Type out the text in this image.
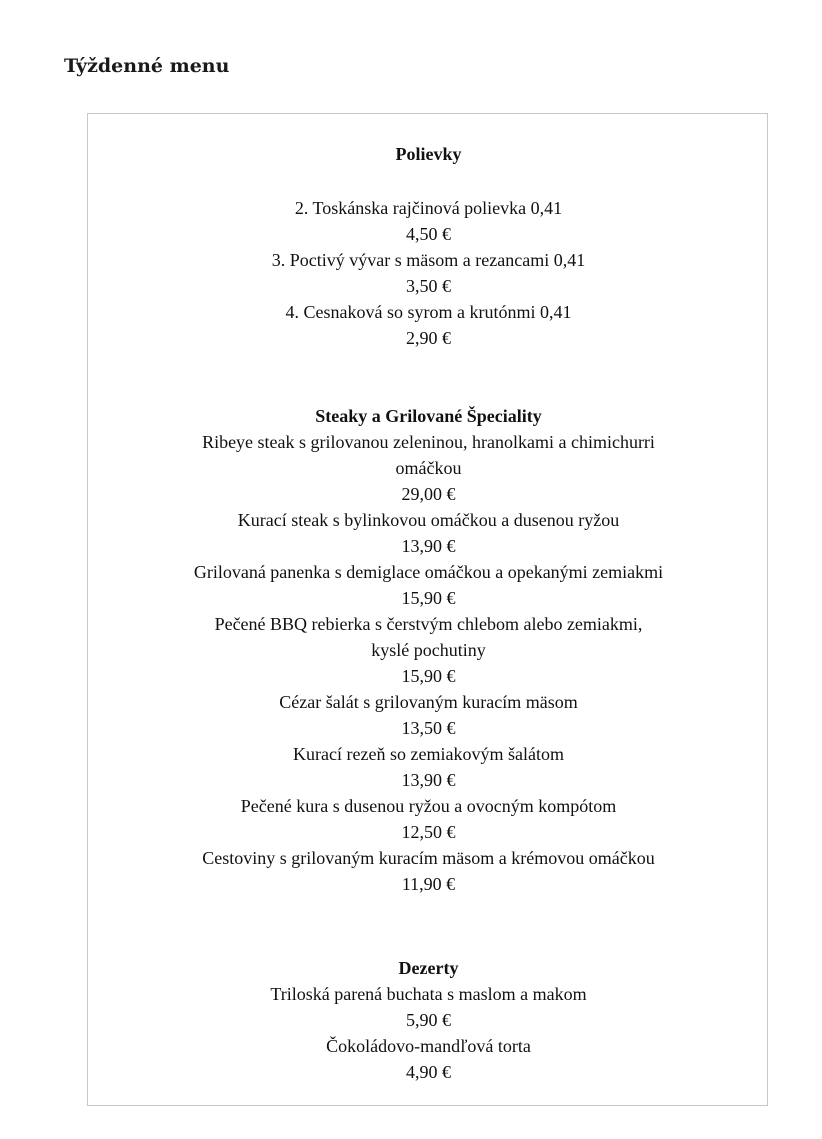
Týždenné menu

Polievky

2. Toskánska rajčinová polievka 0,41

4,50 €

3. Poctivý vývar s mäsom a rezancami 0,41

3,50 €

4. Cesnaková so syrom a krutónmi 0,41

2,90 €

Steaky a Grilované Špeciality

Ribeye steak s grilovanou zeleninou, hranolkami a chimichurri

omáčkou

29,00 €

Kurací steak s bylinkovou omáčkou a dusenou ryžou

13,90 €

Grilovaná panenka s demiglace omáčkou a opekanými zemiakmi

15,90 €

Pečené BBQ rebierka s čerstvým chlebom alebo zemiakmi,

kyslé pochutiny

15,90 €

Cézar šalát s grilovaným kuracím mäsom

13,50 €

Kurací rezeň so zemiakovým šalátom

13,90 €

Pečené kura s dusenou ryžou a ovocným kompótom

12,50 €

Cestoviny s grilovaným kuracím mäsom a krémovou omáčkou

11,90 €

Dezerty

Triloská parená buchata s maslom a makom

5,90 €

Čokoládovo-mandľová torta

4,90 €
